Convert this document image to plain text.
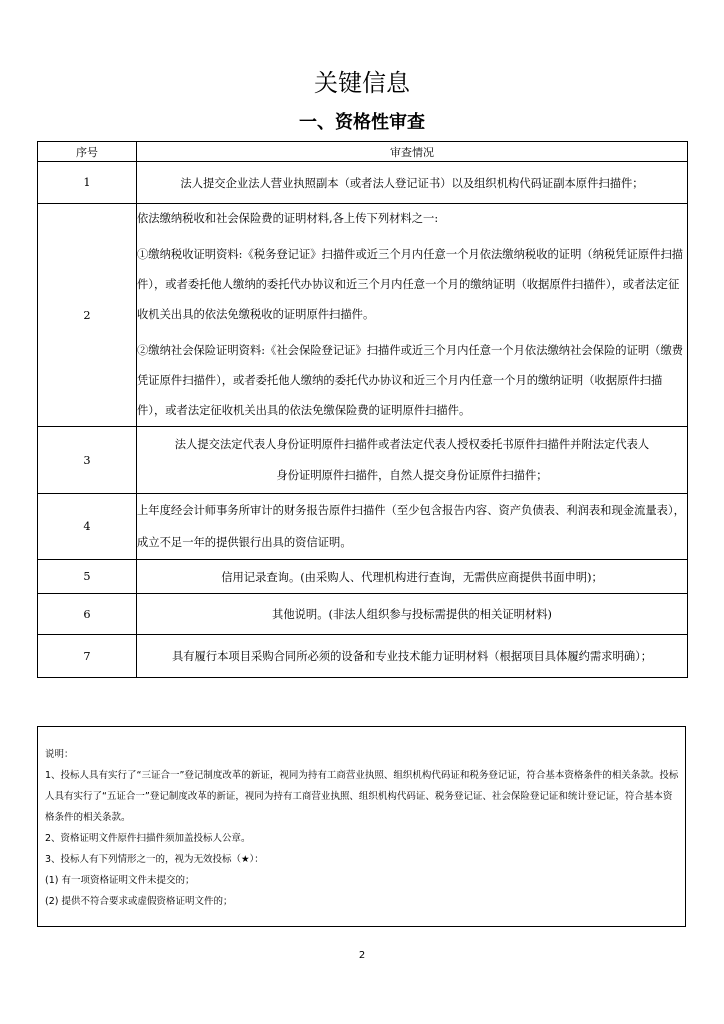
关键信息
一、资格性审查
序号	审查情况
1	法人提交企业法人营业执照副本（或者法人登记证书）以及组织机构代码证副本原件扫描件；
2	依法缴纳税收和社会保险费的证明材料,各上传下列材料之一:

①缴纳税收证明资料:《税务登记证》扫描件或近三个月内任意一个月依法缴纳税收的证明（纳税凭证原件扫描件），或者委托他人缴纳的委托代办协议和近三个月内任意一个月的缴纳证明（收据原件扫描件），或者法定征收机关出具的依法免缴税收的证明原件扫描件。

②缴纳社会保险证明资料:《社会保险登记证》扫描件或近三个月内任意一个月依法缴纳社会保险的证明（缴费凭证原件扫描件），或者委托他人缴纳的委托代办协议和近三个月内任意一个月的缴纳证明（收据原件扫描件），或者法定征收机关出具的依法免缴保险费的证明原件扫描件。

3	法人提交法定代表人身份证明原件扫描件或者法定代表人授权委托书原件扫描件并附法定代表人
身份证明原件扫描件，自然人提交身份证原件扫描件；

4	上年度经会计师事务所审计的财务报告原件扫描件（至少包含报告内容、资产负债表、利润表和现金流量表），成立不足一年的提供银行出具的资信证明。
5	信用记录查询。(由采购人、代理机构进行查询，无需供应商提供书面申明)；
6	其他说明。(非法人组织参与投标需提供的相关证明材料)
7	具有履行本项目采购合同所必须的设备和专业技术能力证明材料（根据项目具体履约需求明确）；

说明：

1、投标人具有实行了“三证合一”登记制度改革的新证，视同为持有工商营业执照、组织机构代码证和税务登记证，符合基本资格条件的相关条款。投标人具有实行了“五证合一”登记制度改革的新证，视同为持有工商营业执照、组织机构代码证、税务登记证、社会保险登记证和统计登记证，符合基本资格条件的相关条款。

2、资格证明文件原件扫描件须加盖投标人公章。

3、投标人有下列情形之一的，视为无效投标（★）：

(1) 有一项资格证明文件未提交的；

(2) 提供不符合要求或虚假资格证明文件的；

2
